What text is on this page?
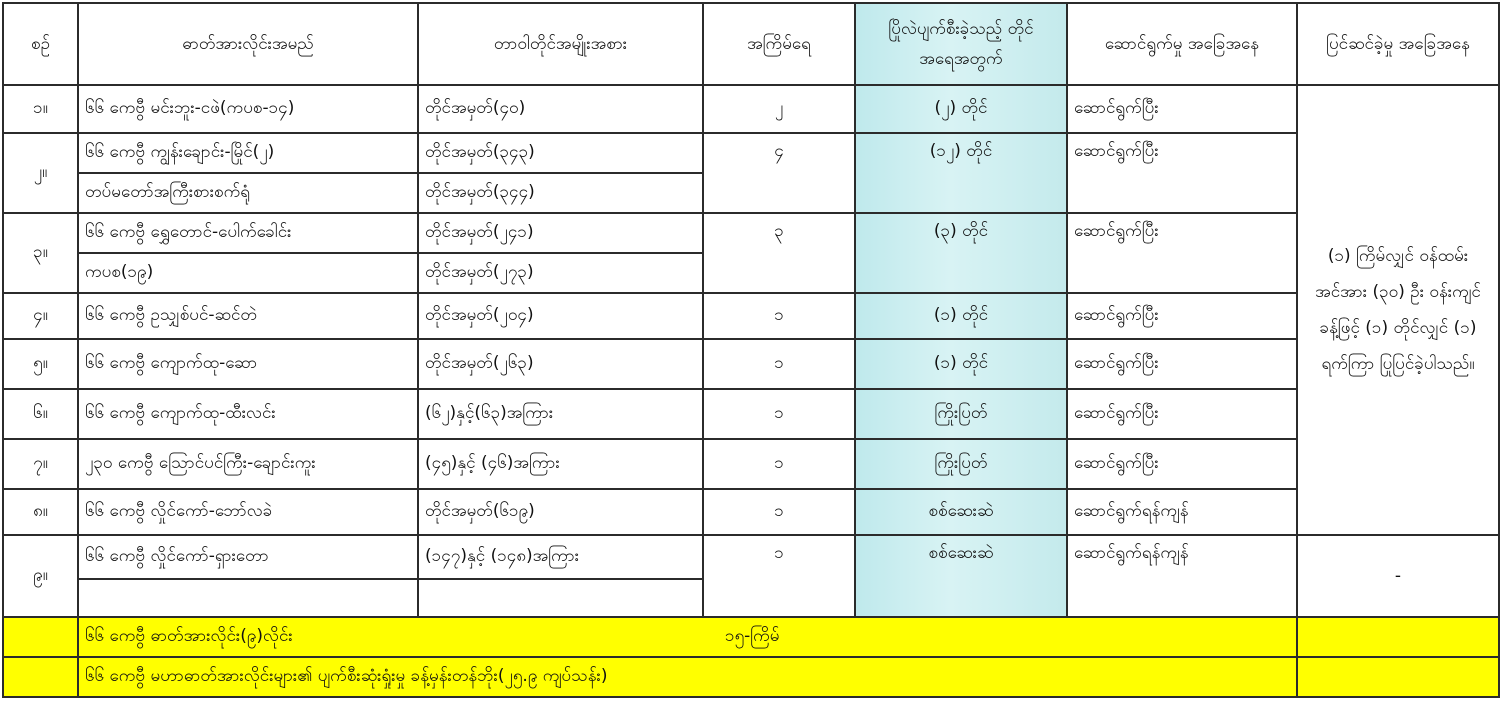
စဉ်	ဓာတ်အားလိုင်းအမည်	တာဝါတိုင်အမျိုးအစား	အကြိမ်ရေ	ပြိုလဲပျက်စီးခဲ့သည့် တိုင်အရေအတွက်	ဆောင်ရွက်မှု အခြေအနေ	ပြင်ဆင်ခဲ့မှု အခြေအနေ
၁။	၆၆ ကေဗွီ မင်းဘူး-ငဖဲ(ကပစ-၁၄)	တိုင်အမှတ်(၄၀)	၂	(၂) တိုင်	ဆောင်ရွက်ပြီး	(၁) ကြိမ်လျှင် ဝန်ထမ်းအင်အား (၃၀) ဦး ဝန်းကျင် ခန့်ဖြင့် (၁) တိုင်လျှင် (၁) ရက်ကြာ ပြုပြင်ခဲ့ပါသည်။
၂။	၆၆ ကေဗွီ ကျွန်းချောင်း-မြိုင်(၂)	တိုင်အမှတ်(၃၄၃)	၄	(၁၂) တိုင်	ဆောင်ရွက်ပြီး	
	တပ်မတော်အကြီးစားစက်ရုံ	တိုင်အမှတ်(၃၄၄)				
၃။	၆၆ ကေဗွီ ရွှေတောင်-ပေါက်ခေါင်း	တိုင်အမှတ်(၂၄၁)	၃	(၃) တိုင်	ဆောင်ရွက်ပြီး	
	ကပစ(၁၉)	တိုင်အမှတ်(၂၇၃)				
၄။	၆၆ ကေဗွီ ဥသျှစ်ပင်-ဆင်တဲ	တိုင်အမှတ်(၂၀၄)	၁	(၁) တိုင်	ဆောင်ရွက်ပြီး	
၅။	၆၆ ကေဗွီ ကျောက်ထု-ဆော	တိုင်အမှတ်(၂၆၃)	၁	(၁) တိုင်	ဆောင်ရွက်ပြီး	
၆။	၆၆ ကေဗွီ ကျောက်ထု-ထီးလင်း	(၆၂)နှင့်(၆၃)အကြား	၁	ကြိုးပြတ်	ဆောင်ရွက်ပြီး	
၇။	၂၃၀ ကေဗွီ သြောင်ပင်ကြီး-ချောင်းကူး	(၄၅)နှင့် (၄၆)အကြား	၁	ကြိုးပြတ်	ဆောင်ရွက်ပြီး	
၈။	၆၆ ကေဗွီ လှိုင်ကော်-ဘော်လခဲ	တိုင်အမှတ်(၆၁၉)	၁	စစ်ဆေးဆဲ	ဆောင်ရွက်ရန်ကျန်	
၉။	၆၆ ကေဗွီ လှိုင်ကော်-ရှားတော	(၁၄၇)နှင့် (၁၄၈)အကြား	၁	စစ်ဆေးဆဲ	ဆောင်ရွက်ရန်ကျန်	-

	၆၆ ကေဗွီ ဓာတ်အားလိုင်း(၉)လိုင်း ၁၅-ကြိမ်					
	၆၆ ကေဗွီ မဟာဓာတ်အားလိုင်းများ၏ ပျက်စီးဆုံးရှုံးမှု ခန့်မှန်းတန်ဘိုး(၂၅.၉ ကျပ်သန်း)					
